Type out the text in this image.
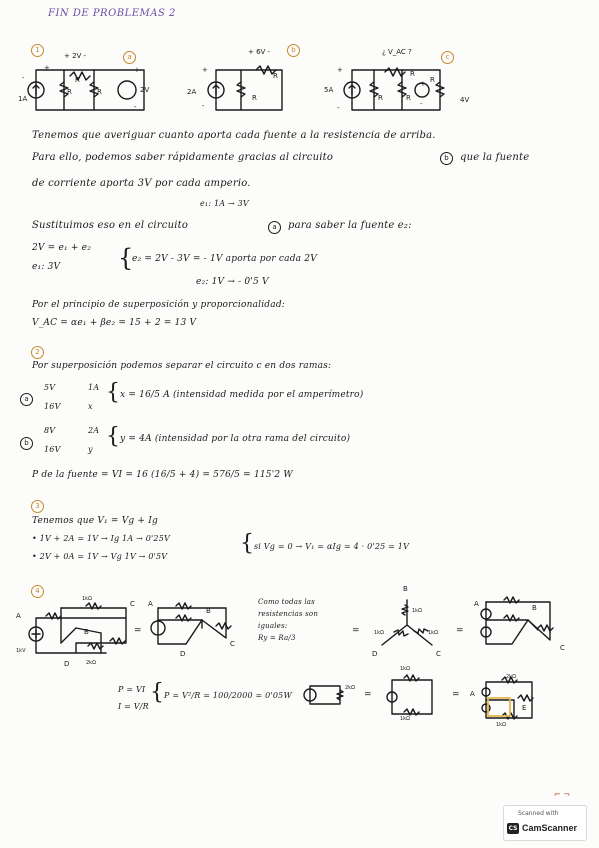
FIN DE PROBLEMAS 2
1
+ 2V -	a
+
-	R
1A
R	R
+
2V
-
+ 6V -	b
+
R
2A
R
-
¿ V_AC ?
c
+	R
5A
R	R
R
+
-	4V
-
Tenemos que averiguar cuanto aporta cada fuente a la resistencia de arriba.
Para ello, podemos saber rápidamente gracias al circuito	b	que la fuente
de corriente aporta 3V por cada amperio.
e₁: 1A → 3V
Sustituimos eso en el circuito	a	para saber la fuente e₂:
2V = e₁ + e₂
e₁: 3V {
e₂ = 2V - 3V = - 1V aporta por cada 2V
e₂: 1V → - 0'5 V
Por el principio de superposición y proporcionalidad:
V_AC = αe₁ + βe₂ = 15 + 2 = 13 V
2
Por superposición podemos separar el circuito c en dos ramas:
a
5V	1A
16V	x
{ x = 16/5 A (intensidad medida por el amperímetro)
b
8V	2A
16V	y
{ y = 4A (intensidad por la otra rama del circuito)
P de la fuente = VI = 16 (16/5 + 4) = 576/5 = 115'2 W
3
Tenemos que V₁ = Vg + Ig
• 1V + 2A = 1V → Ig 1A → 0'25V
• 2V + 0A = 1V → Vg 1V → 0'5V
{ si Vg = 0 → V₁ = αIg = 4 · 0'25 = 1V
4
A
C
B
D
1kΩ
2kΩ
1kV
=
A
B
C
D
Como todas las
resistencias son
iguales:
Ry = Ra/3
=
B
1kΩ
1kΩ	1kΩ
D	C
=
A	B
C
P = VI
I = V/R
{ P = V²/R = 100/2000 = 0'05W
2kΩ
=
1kΩ
1kΩ
=
2kΩ
A
E
1kΩ
⌐ ¬
Scanned with
CS CamScanner
